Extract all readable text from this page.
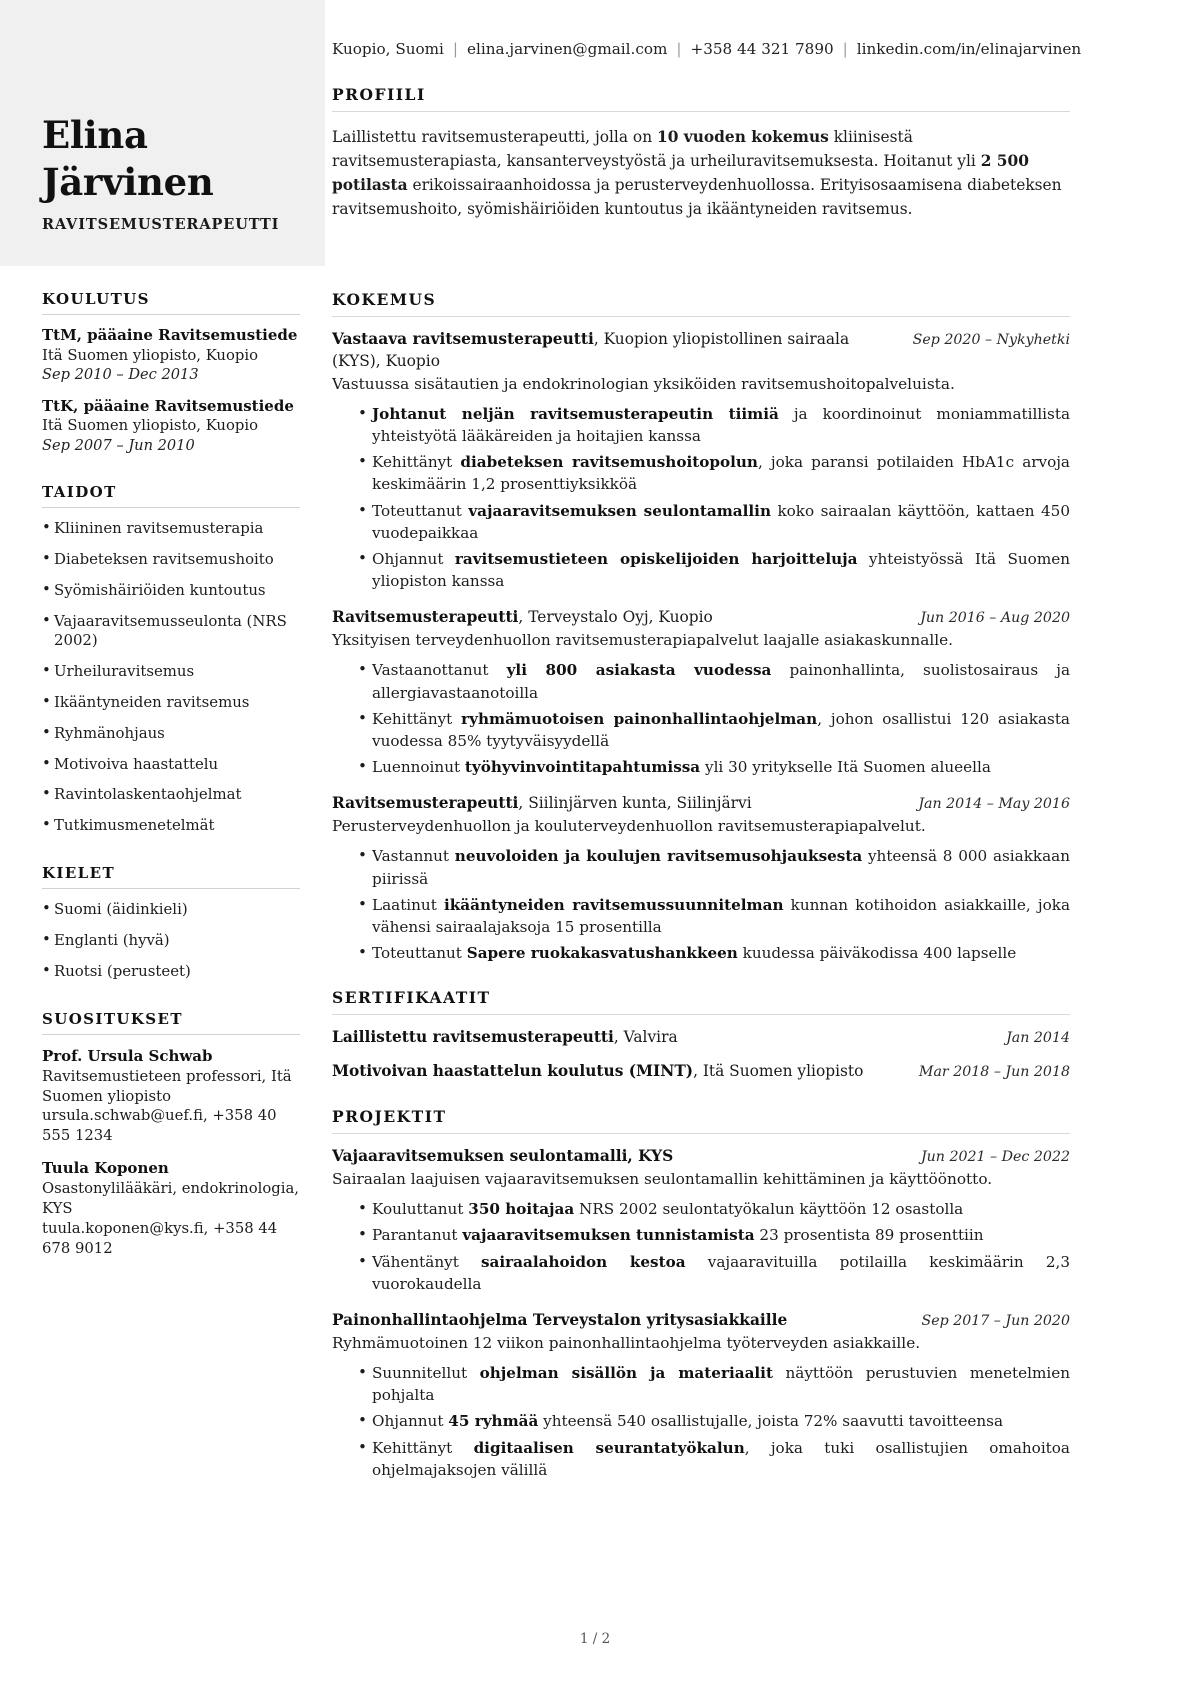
Elina
Järvinen
RAVITSEMUSTERAPEUTTI
Kuopio, Suomi | elina.jarvinen@gmail.com | +358 44 321 7890 | linkedin.com/in/elinajarvinen
PROFIILI
Laillistettu ravitsemusterapeutti, jolla on 10 vuoden kokemus kliinisestä ravitsemusterapiasta, kansanterveystyöstä ja urheiluravitsemuksesta. Hoitanut yli 2 500 potilasta erikoissairaanhoidossa ja perusterveydenhuollossa. Erityisosaamisena diabeteksen ravitsemushoito, syömishäiriöiden kuntoutus ja ikääntyneiden ravitsemus.
KOULUTUS
TtM, pääaine Ravitsemustiede
Itä Suomen yliopisto, Kuopio
Sep 2010 – Dec 2013
TtK, pääaine Ravitsemustiede
Itä Suomen yliopisto, Kuopio
Sep 2007 – Jun 2010
TAIDOT
• Kliininen ravitsemusterapia
• Diabeteksen ravitsemushoito
• Syömishäiriöiden kuntoutus
• Vajaaravitsemusseulonta (NRS 2002)
• Urheiluravitsemus
• Ikääntyneiden ravitsemus
• Ryhmänohjaus
• Motivoiva haastattelu
• Ravintolaskentaohjelmat
• Tutkimusmenetelmät
KIELET
• Suomi (äidinkieli)
• Englanti (hyvä)
• Ruotsi (perusteet)
SUOSITUKSET
Prof. Ursula Schwab
Ravitsemustieteen professori, Itä Suomen yliopisto
ursula.schwab@uef.fi, +358 40 555 1234
Tuula Koponen
Osastonylilääkäri, endokrinologia, KYS
tuula.koponen@kys.fi, +358 44 678 9012
KOKEMUS
Vastaava ravitsemusterapeutti, Kuopion yliopistollinen sairaala (KYS), Kuopio
Sep 2020 – Nykyhetki
Vastuussa sisätautien ja endokrinologian yksiköiden ravitsemushoitopalveluista.
• Johtanut neljän ravitsemusterapeutin tiimiä ja koordinoinut moniammatillista yhteistyötä lääkäreiden ja hoitajien kanssa
• Kehittänyt diabeteksen ravitsemushoitopolun, joka paransi potilaiden HbA1c arvoja keskimäärin 1,2 prosenttiyksikköä
• Toteuttanut vajaaravitsemuksen seulontamallin koko sairaalan käyttöön, kattaen 450 vuodepaikkaa
• Ohjannut ravitsemustieteen opiskelijoiden harjoitteluja yhteistyössä Itä Suomen yliopiston kanssa
Ravitsemusterapeutti, Terveystalo Oyj, Kuopio	Jun 2016 – Aug 2020
Yksityisen terveydenhuollon ravitsemusterapiapalvelut laajalle asiakaskunnalle.
• Vastaanottanut yli 800 asiakasta vuodessa painonhallinta, suolistosairaus ja allergiavastaanotoilla
• Kehittänyt ryhmämuotoisen painonhallintaohjelman, johon osallistui 120 asiakasta vuodessa 85% tyytyväisyydellä
• Luennoinut työhyvinvointitapahtumissa yli 30 yritykselle Itä Suomen alueella
Ravitsemusterapeutti, Siilinjärven kunta, Siilinjärvi	Jan 2014 – May 2016
Perusterveydenhuollon ja kouluterveydenhuollon ravitsemusterapiapalvelut.
• Vastannut neuvoloiden ja koulujen ravitsemusohjauksesta yhteensä 8 000 asiakkaan piirissä
• Laatinut ikääntyneiden ravitsemussuunnitelman kunnan kotihoidon asiakkaille, joka vähensi sairaalajaksoja 15 prosentilla
• Toteuttanut Sapere ruokakasvatushankkeen kuudessa päiväkodissa 400 lapselle
SERTIFIKAATIT
Laillistettu ravitsemusterapeutti, Valvira	Jan 2014
Motivoivan haastattelun koulutus (MINT), Itä Suomen yliopisto	Mar 2018 – Jun 2018
PROJEKTIT
Vajaaravitsemuksen seulontamalli, KYS	Jun 2021 – Dec 2022
Sairaalan laajuisen vajaaravitsemuksen seulontamallin kehittäminen ja käyttöönotto.
• Kouluttanut 350 hoitajaa NRS 2002 seulontatyökalun käyttöön 12 osastolla
• Parantanut vajaaravitsemuksen tunnistamista 23 prosentista 89 prosenttiin
• Vähentänyt sairaalahoidon kestoa vajaaravituilla potilailla keskimäärin 2,3 vuorokaudella
Painonhallintaohjelma Terveystalon yritysasiakkaille	Sep 2017 – Jun 2020
Ryhmämuotoinen 12 viikon painonhallintaohjelma työterveyden asiakkaille.
• Suunnitellut ohjelman sisällön ja materiaalit näyttöön perustuvien menetelmien pohjalta
• Ohjannut 45 ryhmää yhteensä 540 osallistujalle, joista 72% saavutti tavoitteensa
• Kehittänyt digitaalisen seurantatyökalun, joka tuki osallistujien omahoitoa ohjelmajaksojen välillä
1 / 2
